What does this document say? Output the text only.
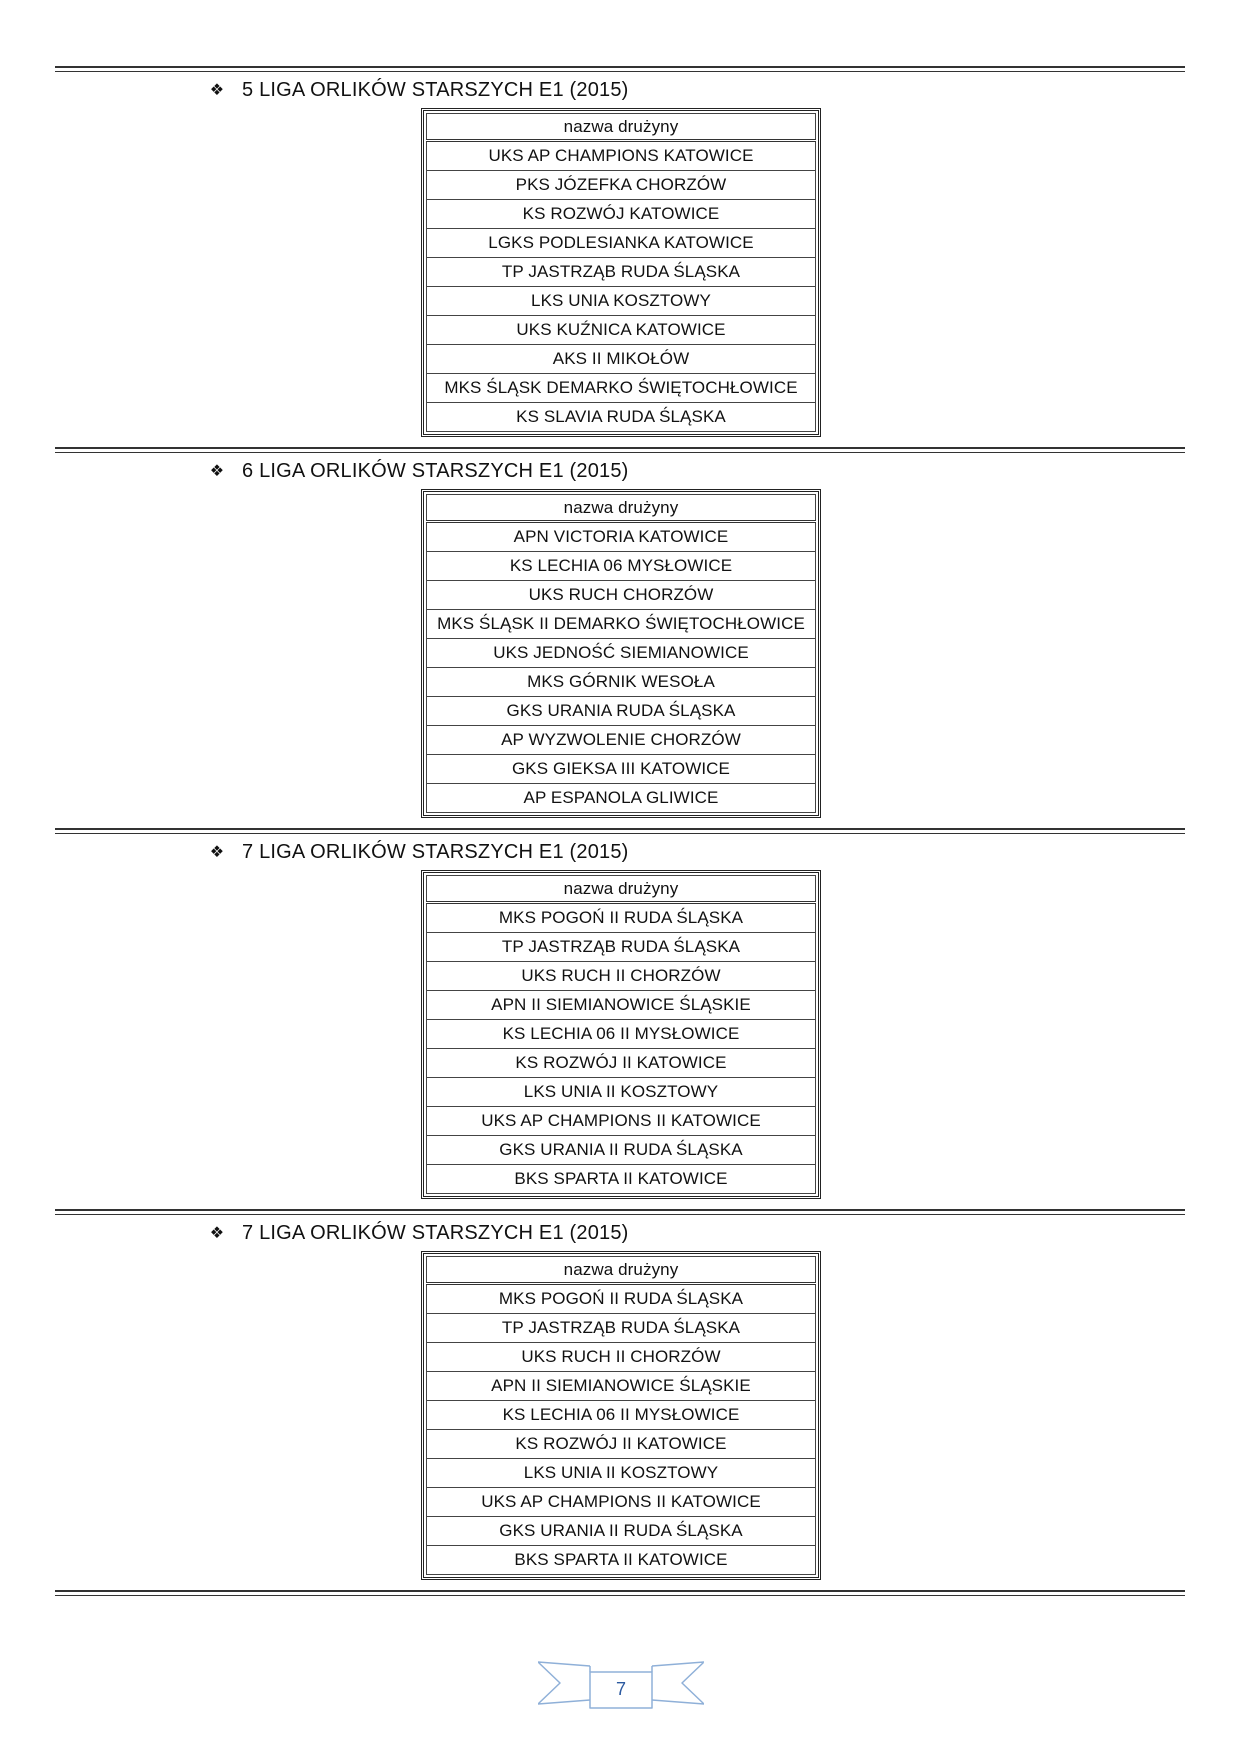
❖ 5 LIGA ORLIKÓW STARSZYCH E1 (2015)
nazwa drużyny
UKS AP CHAMPIONS KATOWICE
PKS JÓZEFKA CHORZÓW
KS ROZWÓJ KATOWICE
LGKS PODLESIANKA KATOWICE
TP JASTRZĄB RUDA ŚLĄSKA
LKS UNIA KOSZTOWY
UKS KUŹNICA KATOWICE
AKS II MIKOŁÓW
MKS ŚLĄSK DEMARKO ŚWIĘTOCHŁOWICE
KS SLAVIA RUDA ŚLĄSKA
❖ 6 LIGA ORLIKÓW STARSZYCH E1 (2015)
nazwa drużyny
APN VICTORIA KATOWICE
KS LECHIA 06 MYSŁOWICE
UKS RUCH CHORZÓW
MKS ŚLĄSK II DEMARKO ŚWIĘTOCHŁOWICE
UKS JEDNOŚĆ SIEMIANOWICE
MKS GÓRNIK WESOŁA
GKS URANIA RUDA ŚLĄSKA
AP WYZWOLENIE CHORZÓW
GKS GIEKSA III KATOWICE
AP ESPANOLA GLIWICE
❖ 7 LIGA ORLIKÓW STARSZYCH E1 (2015)
nazwa drużyny
MKS POGOŃ II RUDA ŚLĄSKA
TP JASTRZĄB RUDA ŚLĄSKA
UKS RUCH II CHORZÓW
APN II SIEMIANOWICE ŚLĄSKIE
KS LECHIA 06 II MYSŁOWICE
KS ROZWÓJ II KATOWICE
LKS UNIA II KOSZTOWY
UKS AP CHAMPIONS II KATOWICE
GKS URANIA II RUDA ŚLĄSKA
BKS SPARTA II KATOWICE
❖ 7 LIGA ORLIKÓW STARSZYCH E1 (2015)
nazwa drużyny
MKS POGOŃ II RUDA ŚLĄSKA
TP JASTRZĄB RUDA ŚLĄSKA
UKS RUCH II CHORZÓW
APN II SIEMIANOWICE ŚLĄSKIE
KS LECHIA 06 II MYSŁOWICE
KS ROZWÓJ II KATOWICE
LKS UNIA II KOSZTOWY
UKS AP CHAMPIONS II KATOWICE
GKS URANIA II RUDA ŚLĄSKA
BKS SPARTA II KATOWICE
7
